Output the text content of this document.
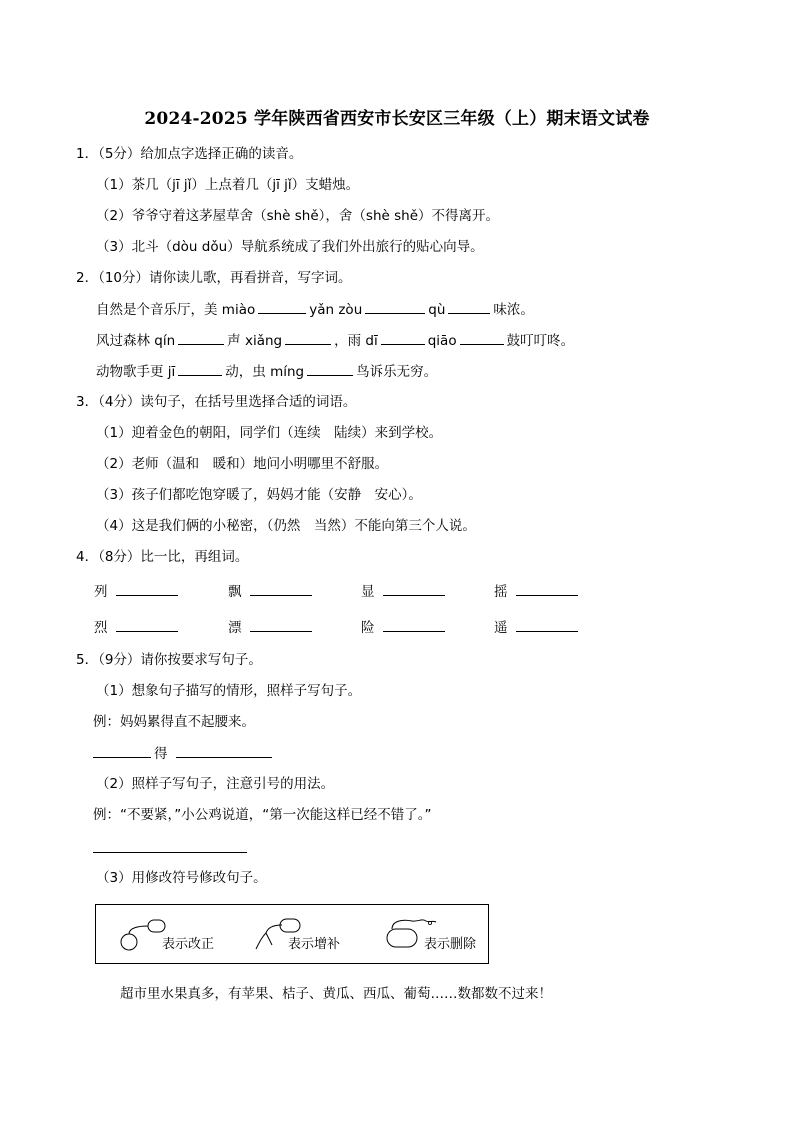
2024-2025 学年陕西省西安市长安区三年级（上）期末语文试卷
1．（5分）给加点字选择正确的读音。
（1）茶几（jī jǐ）上点着几（jī jǐ）支蜡烛。
（2）爷爷守着这茅屋草舍（shè shě），舍（shè shě）不得离开。
（3）北斗（dòu dǒu）导航系统成了我们外出旅行的贴心向导。
2．（10分）请你读儿歌，再看拼音，写字词。
自然是个音乐厅，美 miào	yǎn zòu	qù	味浓。
风过森林 qín	声 xiǎng	，雨 dī	qiāo	鼓叮叮咚。
动物歌手更 jī	动，虫 míng	鸟诉乐无穷。
3．（4分）读句子，在括号里选择合适的词语。
（1）迎着金色的朝阳，同学们（连续　陆续）来到学校。
（2）老师（温和　暖和）地问小明哪里不舒服。
（3）孩子们都吃饱穿暖了，妈妈才能（安静　安心）。
（4）这是我们俩的小秘密，（仍然　当然）不能向第三个人说。
4．（8分）比一比，再组词。
列	飘	显	摇
烈	漂	险	遥
5．（9分）请你按要求写句子。
（1）想象句子描写的情形，照样子写句子。
例：妈妈累得直不起腰来。
得
（2）照样子写句子，注意引号的用法。
例：“不要紧，”小公鸡说道，“第一次能这样已经不错了。”
（3）用修改符号修改句子。
表示改正	表示增补	表示删除
超市里水果真多，有苹果、桔子、黄瓜、西瓜、葡萄……数都数不过来！
